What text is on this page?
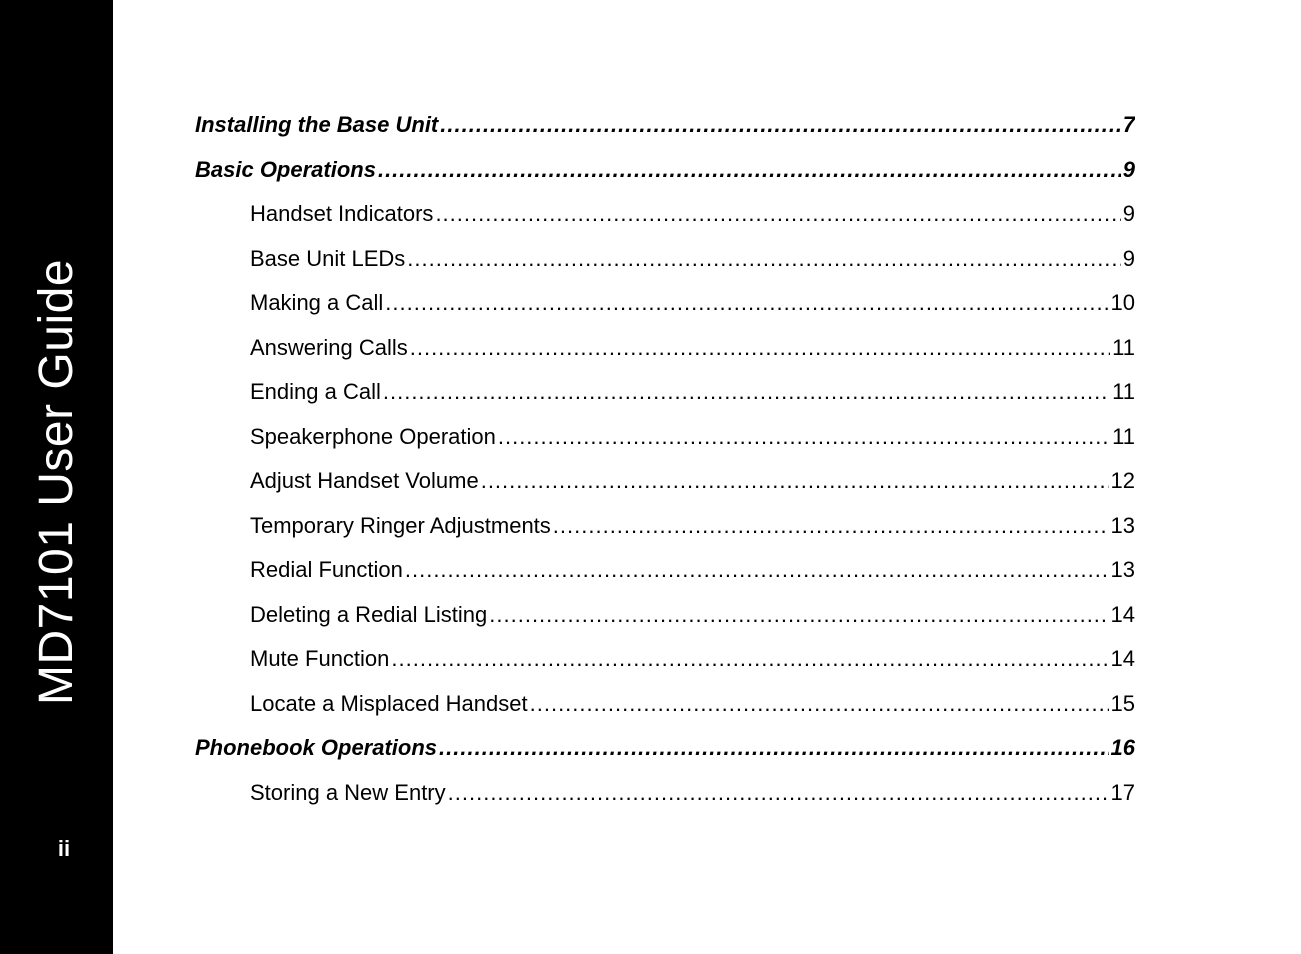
MD7101 User Guide
ii
Installing the Base Unit .....	7
Basic Operations .....	9
Handset Indicators .....	9
Base Unit LEDs .....	9
Making a Call .....	10
Answering Calls .....	11
Ending a Call .....	11
Speakerphone Operation .....	11
Adjust Handset Volume .....	12
Temporary Ringer Adjustments .....	13
Redial Function .....	13
Deleting a Redial Listing .....	14
Mute Function .....	14
Locate a Misplaced Handset .....	15
Phonebook Operations .....	16
Storing a New Entry .....	17
